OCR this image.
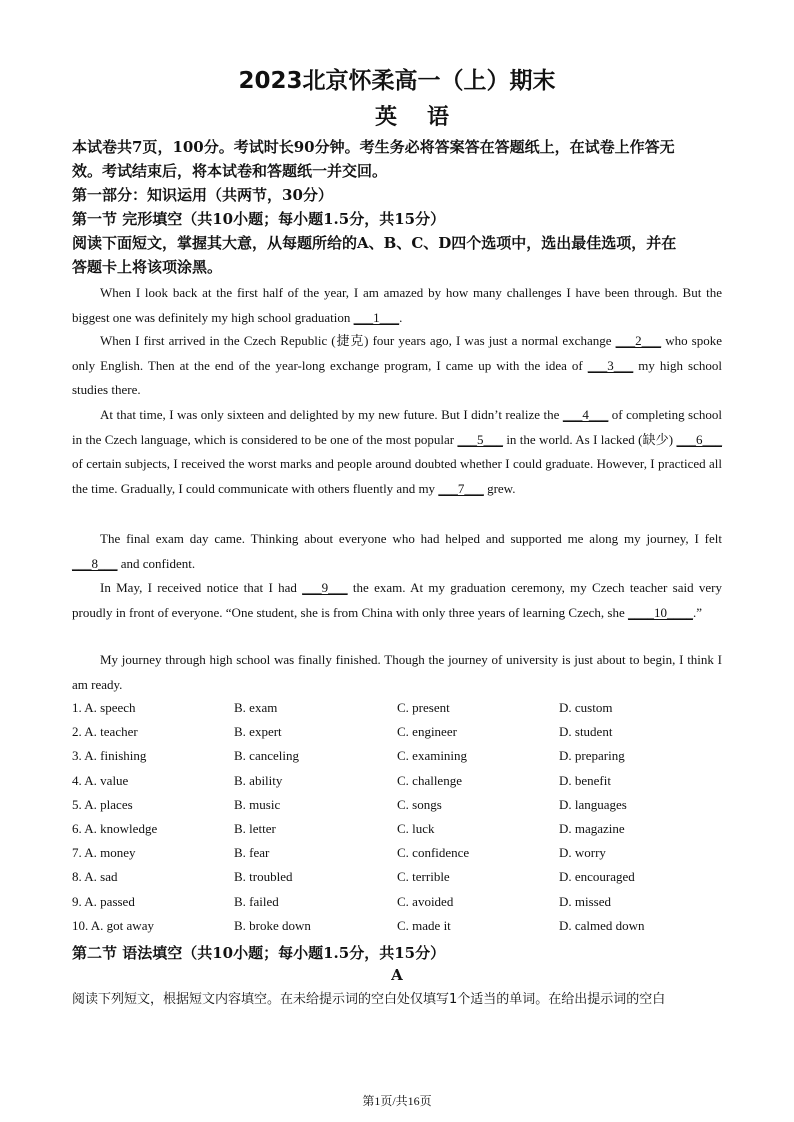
2023北京怀柔高一（上）期末
英语
本试卷共7页，100分。考试时长90分钟。考生务必将答案答在答题纸上，在试卷上作答无
效。考试结束后，将本试卷和答题纸一并交回。
第一部分：知识运用（共两节，30分）
第一节 完形填空（共10小题；每小题1.5分，共15分）
阅读下面短文，掌握其大意，从每题所给的A、B、C、D四个选项中，选出最佳选项，并在
答题卡上将该项涂黑。
When I look back at the first half of the year, I am amazed by how many challenges I have been through. But the biggest one was definitely my high school graduation ___1___.
When I first arrived in the Czech Republic (捷克) four years ago, I was just a normal exchange ___2___ who spoke only English. Then at the end of the year-long exchange program, I came up with the idea of ___3___ my high school studies there.
At that time, I was only sixteen and delighted by my new future. But I didn’t realize the ___4___ of completing school in the Czech language, which is considered to be one of the most popular ___5___ in the world. As I lacked (缺少) ___6___ of certain subjects, I received the worst marks and people around doubted whether I could graduate. However, I practiced all the time. Gradually, I could communicate with others fluently and my ___7___ grew.
The final exam day came. Thinking about everyone who had helped and supported me along my journey, I felt ___8___ and confident.
In May, I received notice that I had ___9___ the exam. At my graduation ceremony, my Czech teacher said very proudly in front of everyone. “One student, she is from China with only three years of learning Czech, she ____10____.”
My journey through high school was finally finished. Though the journey of university is just about to begin, I think I am ready.
1. A. speech	B. exam	C. present	D. custom
2. A. teacher	B. expert	C. engineer	D. student
3. A. finishing	B. canceling	C. examining	D. preparing
4. A. value	B. ability	C. challenge	D. benefit
5. A. places	B. music	C. songs	D. languages
6. A. knowledge	B. letter	C. luck	D. magazine
7. A. money	B. fear	C. confidence	D. worry
8. A. sad	B. troubled	C. terrible	D. encouraged
9. A. passed	B. failed	C. avoided	D. missed
10. A. got away	B. broke down	C. made it	D. calmed down
第二节 语法填空（共10小题；每小题1.5分，共15分）
A
阅读下列短文，根据短文内容填空。在未给提示词的空白处仅填写1个适当的单词。在给出提示词的空白
第1页/共16页
